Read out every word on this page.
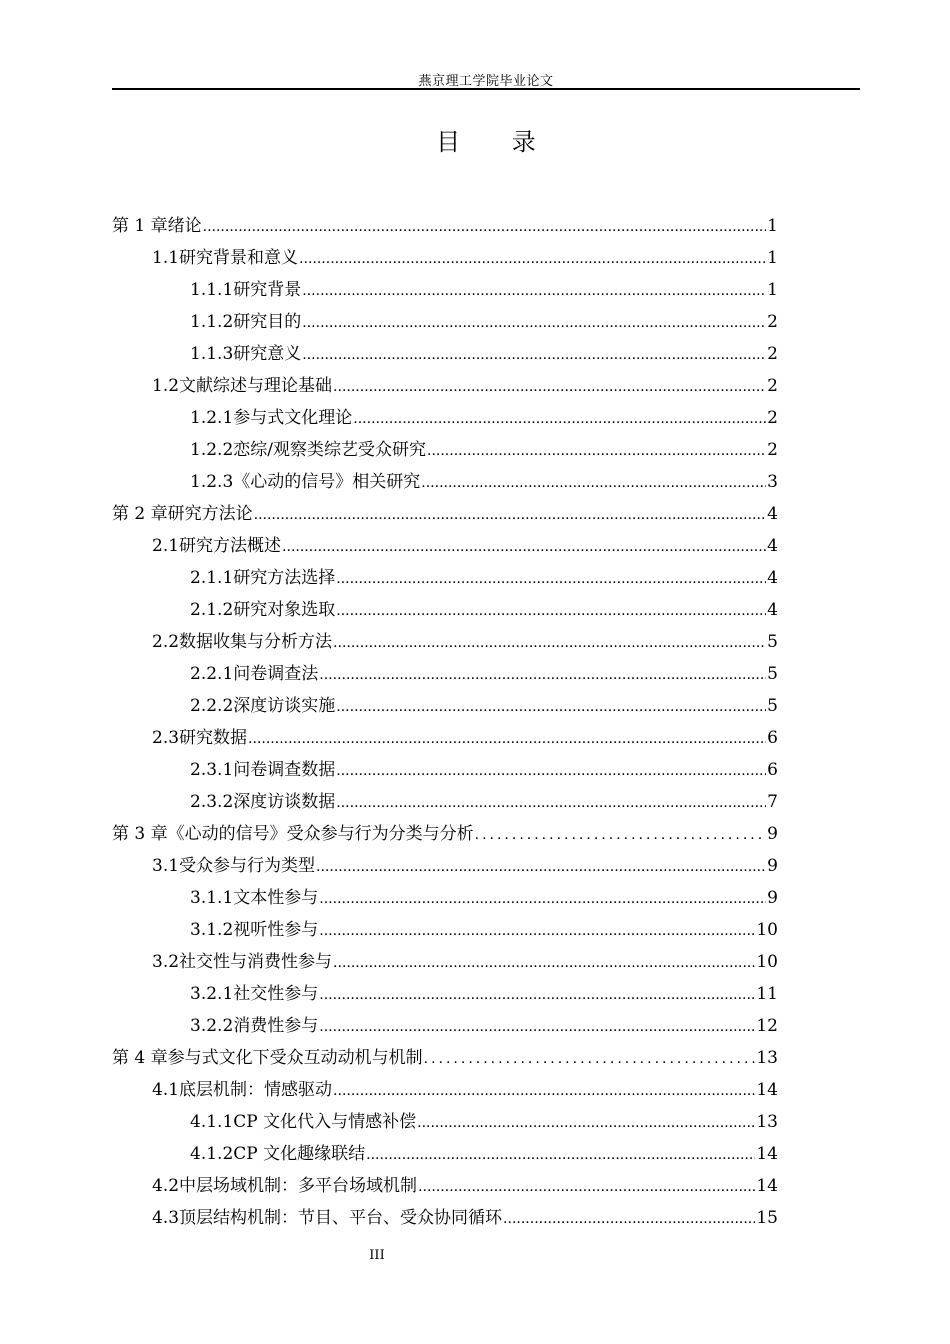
燕京理工学院毕业论文
目 录
第 1 章 绪论 .....	1
1.1 研究背景和意义 .....	1
1.1.1 研究背景 .....	1
1.1.2 研究目的 .....	2
1.1.3 研究意义 .....	2
1.2 文献综述与理论基础 .....	2
1.2.1 参与式文化理论 .....	2
1.2.2 恋综/观察类综艺受众研究 .....	2
1.2.3 《心动的信号》相关研究 .....	3
第 2 章 研究方法论 .....	4
2.1 研究方法概述 .....	4
2.1.1 研究方法选择 .....	4
2.1.2 研究对象选取 .....	4
2.2 数据收集与分析方法 .....	5
2.2.1 问卷调查法 .....	5
2.2.2 深度访谈实施 .....	5
2.3 研究数据 .....	6
2.3.1 问卷调查数据 .....	6
2.3.2 深度访谈数据 .....	7
第 3 章 《心动的信号》受众参与行为分类与分析 .....	9
3.1 受众参与行为类型 .....	9
3.1.1 文本性参与 .....	9
3.1.2 视听性参与 .....	10
3.2 社交性与消费性参与 .....	10
3.2.1 社交性参与 .....	11
3.2.2 消费性参与 .....	12
第 4 章 参与式文化下受众互动动机与机制 .....	13
4.1 底层机制：情感驱动 .....	14
4.1.1 CP 文化代入与情感补偿 .....	13
4.1.2 CP 文化趣缘联结 .....	14
4.2 中层场域机制：多平台场域机制 .....	14
4.3 顶层结构机制：节目、平台、受众协同循环 .....	15
III
